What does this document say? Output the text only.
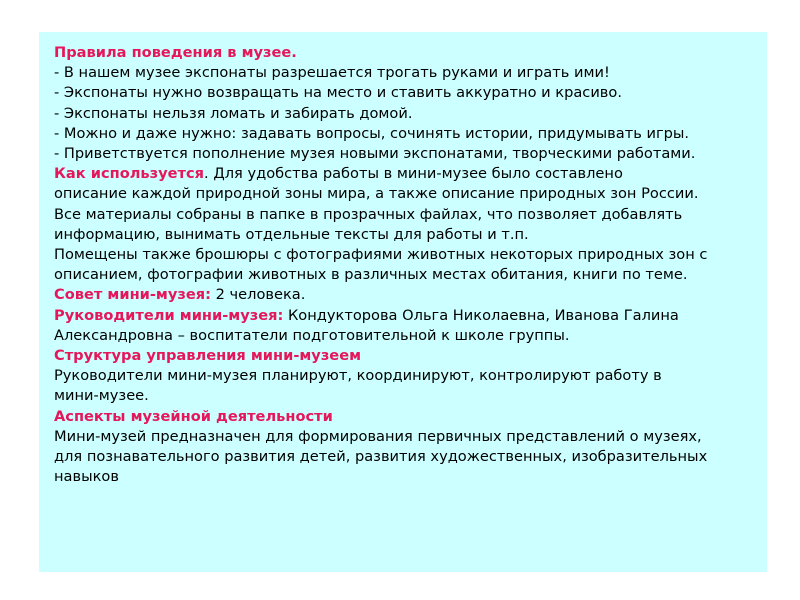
Правила поведения в музее.

- В нашем музее экспонаты разрешается трогать руками и играть ими!

- Экспонаты нужно возвращать на место и ставить аккуратно и красиво.

- Экспонаты нельзя ломать и забирать домой.

- Можно и даже нужно: задавать вопросы, сочинять истории, придумывать игры.

- Приветствуется пополнение музея новыми экспонатами, творческими работами.

Как используется. Для удобства работы в мини-музее было составлено

описание каждой природной зоны мира, а также описание природных зон России.

Все материалы собраны в папке в прозрачных файлах, что позволяет добавлять

информацию, вынимать отдельные тексты для работы и т.п.

Помещены также брошюры с фотографиями животных некоторых природных зон с

описанием, фотографии животных в различных местах обитания, книги по теме.

Совет мини-музея: 2 человека.

Руководители мини-музея: Кондукторова Ольга Николаевна, Иванова Галина

Александровна – воспитатели подготовительной к школе группы.

Структура управления мини-музеем

Руководители мини-музея планируют, координируют, контролируют работу в

мини-музее.

Аспекты музейной деятельности

Мини-музей предназначен для формирования первичных представлений о музеях,

для познавательного развития детей, развития художественных, изобразительных

навыков
